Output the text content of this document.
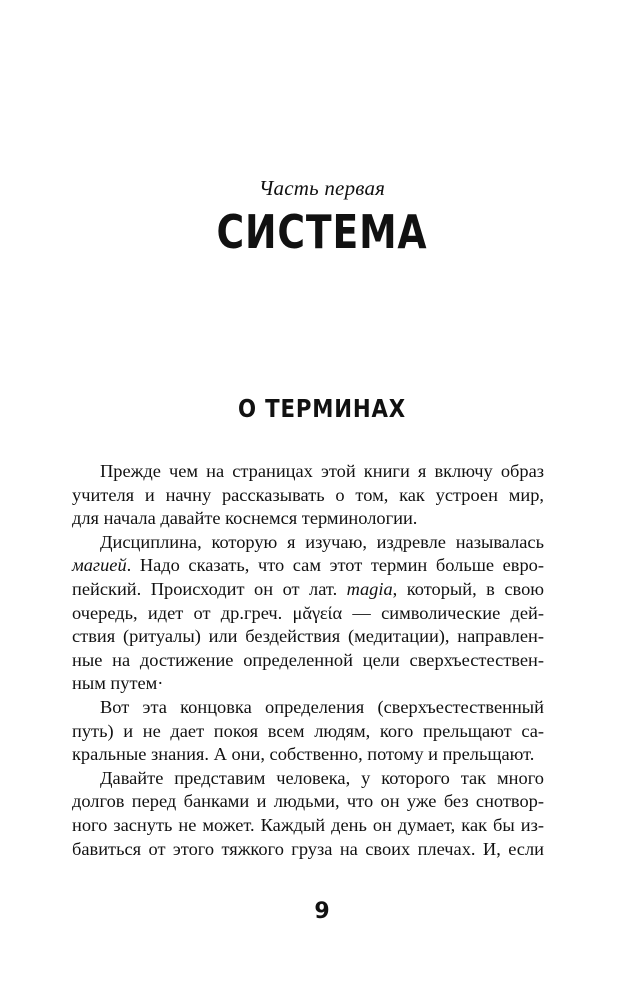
Часть первая
СИСТЕМА
О ТЕРМИНАХ
Прежде чем на страницах этой книги я включу образ
учителя и начну рассказывать о том, как устроен мир,
для начала давайте коснемся терминологии.
Дисциплина, которую я изучаю, издревле называлась
магией. Надо сказать, что сам этот термин больше евро-
пейский. Происходит он от лат. magia, который, в свою
очередь, идет от др.греч. μᾰγεία — символические дей-
ствия (ритуалы) или бездействия (медитации), направлен-
ные на достижение определенной цели сверхъестествен-
ным путем·
Вот эта концовка определения (сверхъестественный
путь) и не дает покоя всем людям, кого прельщают са-
кральные знания. А они, собственно, потому и прельщают.
Давайте представим человека, у которого так много
долгов перед банками и людьми, что он уже без снотвор-
ного заснуть не может. Каждый день он думает, как бы из-
бавиться от этого тяжкого груза на своих плечах. И, если
9
